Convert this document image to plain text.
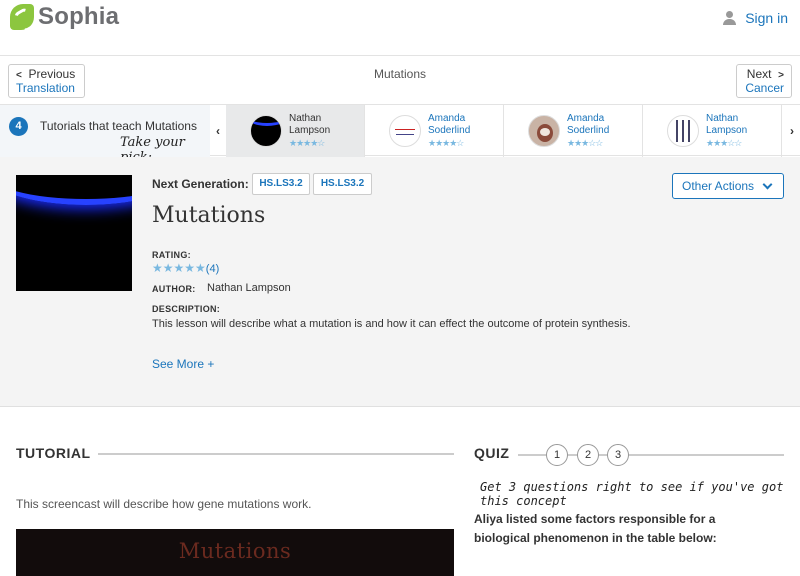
Sophia	Sign in
< Previous
Translation
Mutations	Next >
Cancer
4	Tutorials that teach Mutations
Take your
‹
Nathan
Lampson
★★★★☆
Amanda
Soderlind
★★★★☆
Amanda
Soderlind
★★★☆☆
Nathan
Lampson
★★★☆☆
›
Next Generation:	HS.LS3.2	HS.LS3.2	Other Actions
Mutations
RATING:
★★★★★(4)
AUTHOR: Nathan Lampson
DESCRIPTION:
This lesson will describe what a mutation is and how it can effect the outcome of protein synthesis.
See More +
TUTORIAL
This screencast will describe how gene mutations work.
Mutations
QUIZ	1	2	3
Get 3 questions right to see if you've got this concept
Aliya listed some factors responsible for a biological phenomenon in the table below:
